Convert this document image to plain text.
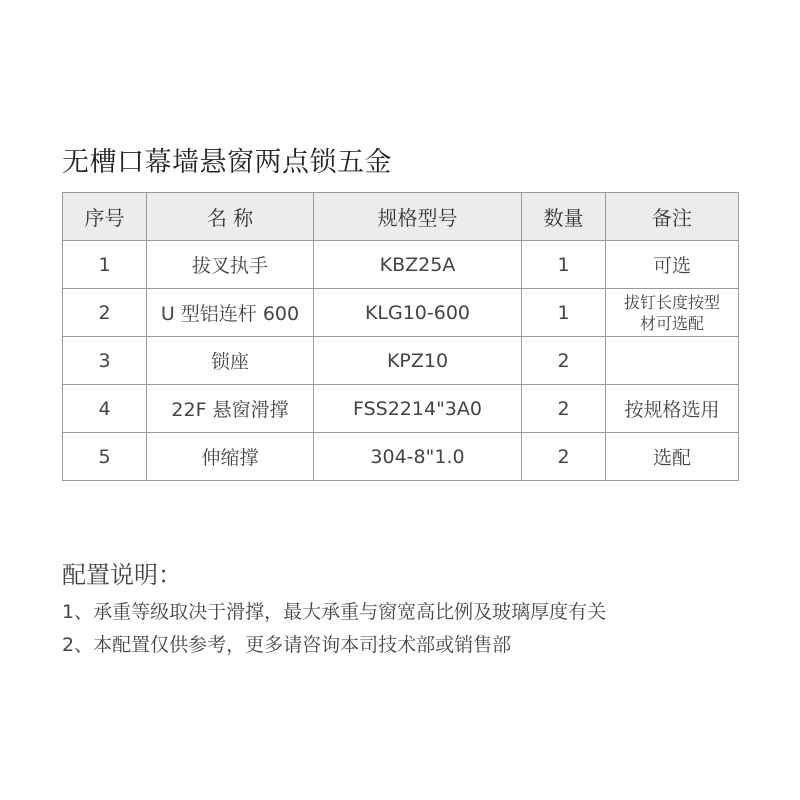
无槽口幕墙悬窗两点锁五金
序号	名 称	规格型号	数量	备注
1	拔叉执手	KBZ25A	1	可选
2	U 型铝连杆 600	KLG10-600	1	拔钉长度按型材可选配

3	锁座	KPZ10	2	
4	22F 悬窗滑撑	FSS2214"3A0	2	按规格选用
5	伸缩撑	304-8"1.0	2	选配
配置说明：

1、承重等级取决于滑撑，最大承重与窗宽高比例及玻璃厚度有关

2、本配置仅供参考，更多请咨询本司技术部或销售部
